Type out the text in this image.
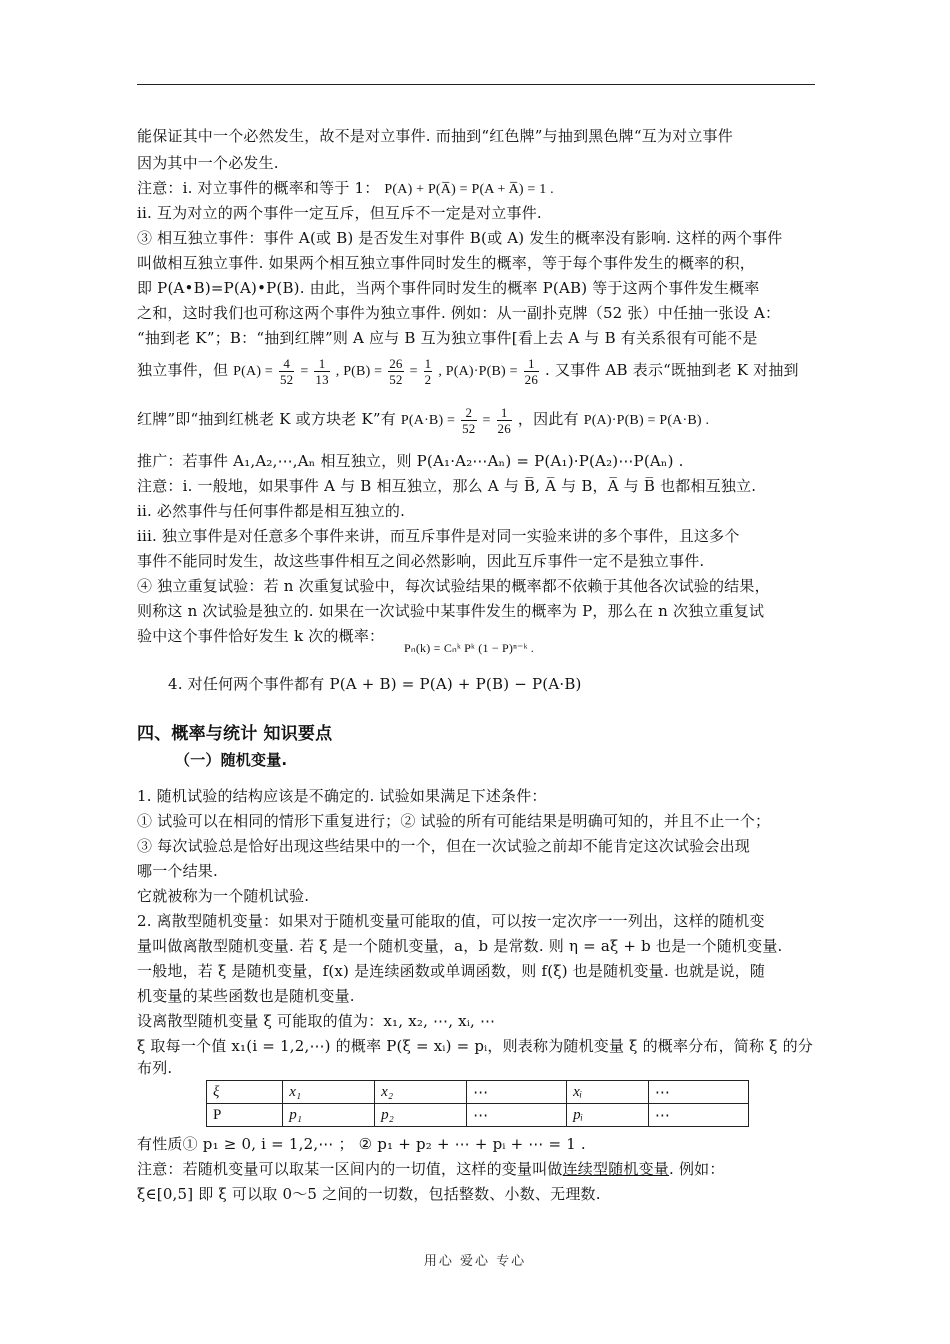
能保证其中一个必然发生，故不是对立事件. 而抽到“红色牌”与抽到黑色牌“互为对立事件
因为其中一个必发生.
注意：i. 对立事件的概率和等于 1： P(A) + P(A̅) = P(A + A̅) = 1 .
ii. 互为对立的两个事件一定互斥，但互斥不一定是对立事件.
③ 相互独立事件：事件 A(或 B) 是否发生对事件 B(或 A) 发生的概率没有影响. 这样的两个事件
叫做相互独立事件. 如果两个相互独立事件同时发生的概率，等于每个事件发生的概率的积，
即 P(A•B)=P(A)•P(B). 由此，当两个事件同时发生的概率 P(AB) 等于这两个事件发生概率
之和，这时我们也可称这两个事件为独立事件. 例如：从一副扑克牌（52 张）中任抽一张设 A：
“抽到老 K”；B：“抽到红牌”则 A 应与 B 互为独立事件[看上去 A 与 B 有关系很有可能不是
独立事件，但 $P(A) = \frac{4}{52} = \frac{1}{13}$ , $P(B) = \frac{26}{52} = \frac{1}{2}$ , $P(A)\cdot P(B) = \frac{1}{26}$ . 又事件 AB 表示“既抽到老 K 对抽到
红牌”即“抽到红桃老 K 或方块老 K”有 $P(A\cdot B) = \frac{2}{52} = \frac{1}{26}$ ，因此有 P(A)·P(B) = P(A·B) .
推广：若事件 A₁,A₂,⋯,Aₙ 相互独立，则 P(A₁·A₂⋯Aₙ) = P(A₁)·P(A₂)⋯P(Aₙ) .
注意：i. 一般地，如果事件 A 与 B 相互独立，那么 A 与 B̅, A̅ 与 B，A̅ 与 B̅ 也都相互独立.
ii. 必然事件与任何事件都是相互独立的.
iii. 独立事件是对任意多个事件来讲，而互斥事件是对同一实验来讲的多个事件，且这多个
事件不能同时发生，故这些事件相互之间必然影响，因此互斥事件一定不是独立事件.
④ 独立重复试验：若 n 次重复试验中，每次试验结果的概率都不依赖于其他各次试验的结果，
则称这 n 次试验是独立的. 如果在一次试验中某事件发生的概率为 P，那么在 n 次独立重复试
验中这个事件恰好发生 k 次的概率：
Pₙ(k) = Cₙᵏ Pᵏ (1 − P)ⁿ⁻ᵏ .
4. 对任何两个事件都有 P(A + B) = P(A) + P(B) − P(A·B)
四、概率与统计 知识要点
（一）随机变量.
1. 随机试验的结构应该是不确定的. 试验如果满足下述条件：
① 试验可以在相同的情形下重复进行；② 试验的所有可能结果是明确可知的，并且不止一个；
③ 每次试验总是恰好出现这些结果中的一个，但在一次试验之前却不能肯定这次试验会出现
哪一个结果.
它就被称为一个随机试验.
2. 离散型随机变量：如果对于随机变量可能取的值，可以按一定次序一一列出，这样的随机变
量叫做离散型随机变量. 若 ξ 是一个随机变量，a，b 是常数. 则 η = aξ + b 也是一个随机变量.
一般地，若 ξ 是随机变量，f(x) 是连续函数或单调函数，则 f(ξ) 也是随机变量. 也就是说，随
机变量的某些函数也是随机变量.
设离散型随机变量 ξ 可能取的值为：x₁, x₂, ⋯, xᵢ, ⋯
ξ 取每一个值 x₁(i = 1,2,⋯) 的概率 P(ξ = xᵢ) = pᵢ，则表称为随机变量 ξ 的概率分布，简称 ξ 的分
布列.
ξ	x₁	x₂	⋯	xᵢ	⋯
P	p₁	p₂	⋯	pᵢ	⋯
有性质① p₁ ≥ 0, i = 1,2,⋯ ； ② p₁ + p₂ + ⋯ + pᵢ + ⋯ = 1 .
注意：若随机变量可以取某一区间内的一切值，这样的变量叫做连续型随机变量. 例如：
ξ∈[0,5] 即 ξ 可以取 0～5 之间的一切数，包括整数、小数、无理数.
用心 爱心 专心
